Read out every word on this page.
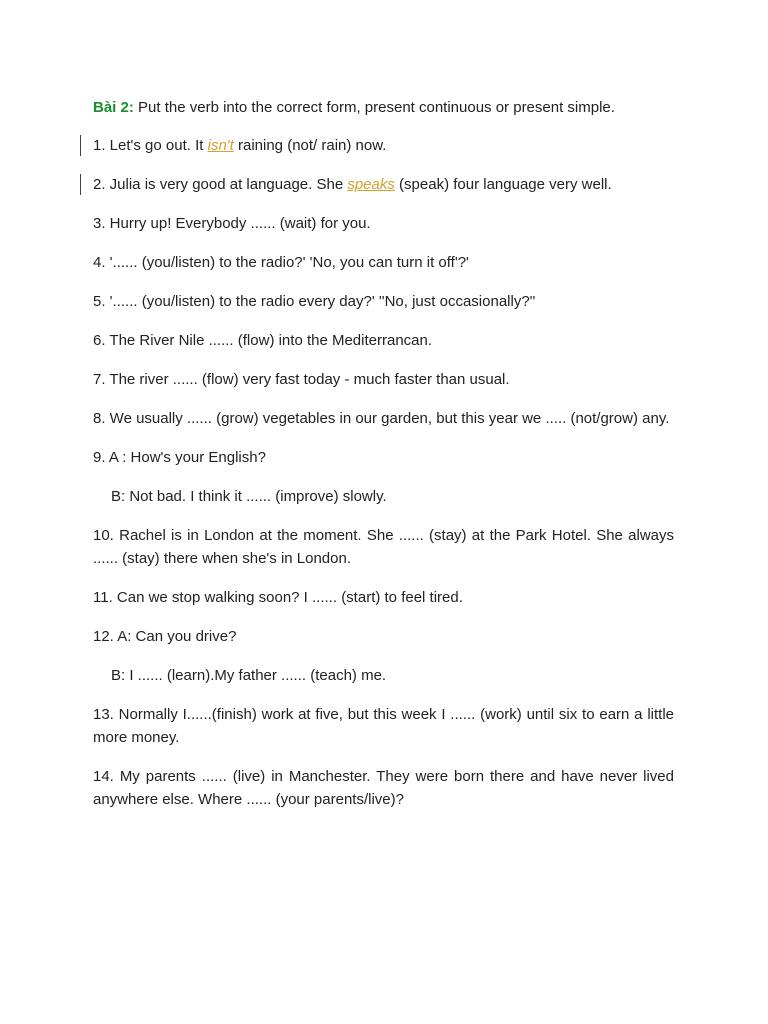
Bài 2: Put the verb into the correct form, present continuous or present simple.

1. Let's go out. It isn't raining (not/ rain) now.

2. Julia is very good at language. She speaks (speak) four language very well.

3. Hurry up! Everybody ...... (wait) for you.

4. '...... (you/listen) to the radio?' 'No, you can turn it off'?'

5. '...... (you/listen) to the radio every day?' ''No, just occasionally?''

6. The River Nile ...... (flow) into the Mediterrancan.

7. The river ...... (flow) very fast today - much faster than usual.

8. We usually ...... (grow) vegetables in our garden, but this year we ..... (not/grow) any.

9. A : How's your English?

B: Not bad. I think it ...... (improve) slowly.

10. Rachel is in London at the moment. She ...... (stay) at the Park Hotel. She always ...... (stay) there when she's in London.

11. Can we stop walking soon? I ...... (start) to feel tired.

12. A: Can you drive?

B: I ...... (learn).My father ...... (teach) me.

13. Normally I......(finish) work at five, but this week I ...... (work) until six to earn a little more money.

14. My parents ...... (live) in Manchester. They were born there and have never lived anywhere else. Where ...... (your parents/live)?
